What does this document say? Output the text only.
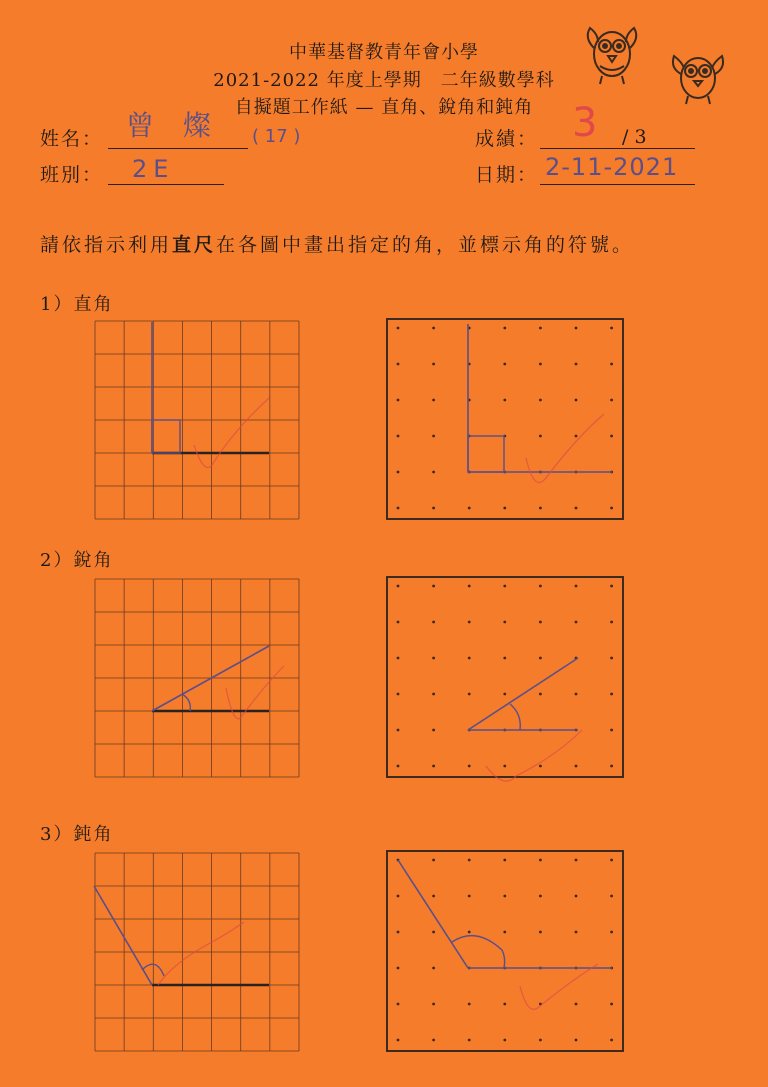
中華基督教青年會小學
2021-2022 年度上學期　二年級數學科
自擬題工作紙 — 直角、銳角和鈍角
姓名： 曾 燦 ( 17 )
班別： 2E
成績： 3 / 3
日期： 2-11-2021
請依指示利用直尺在各圖中畫出指定的角，並標示角的符號。
1）直角
2）銳角
3）鈍角
